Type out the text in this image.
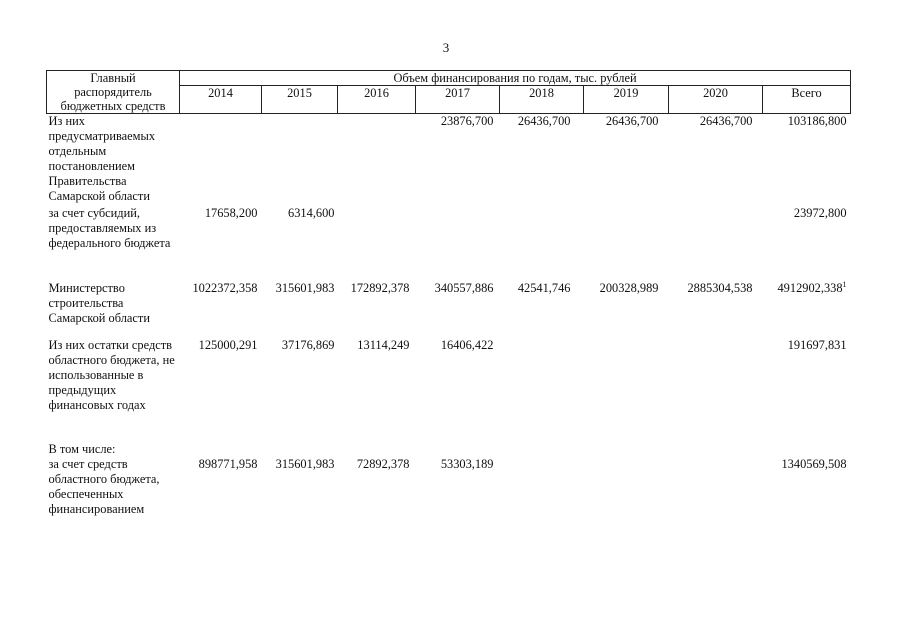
3
Главный
распорядитель
бюджетных средств	Объем финансирования по годам, тыс. рублей							
	2014	2015	2016	2017	2018	2019	2020	Всего
Из них предусматриваемых отдельным постановлением Правительства Самарской области				23876,700	26436,700	26436,700	26436,700	103186,800
за счет субсидий, предоставляемых из федерального бюджета	17658,200	6314,600						23972,800
Министерство строительства Самарской области	1022372,358	315601,983	172892,378	340557,886	42541,746	200328,989	2885304,538	4912902,338$^1$
Из них остатки средств областного бюджета, не использованные в предыдущих финансовых годах	125000,291	37176,869	13114,249	16406,422				191697,831

В том числе:
за счет средств областного бюджета, обеспеченных финансированием	898771,958	315601,983	72892,378	53303,189				1340569,508
